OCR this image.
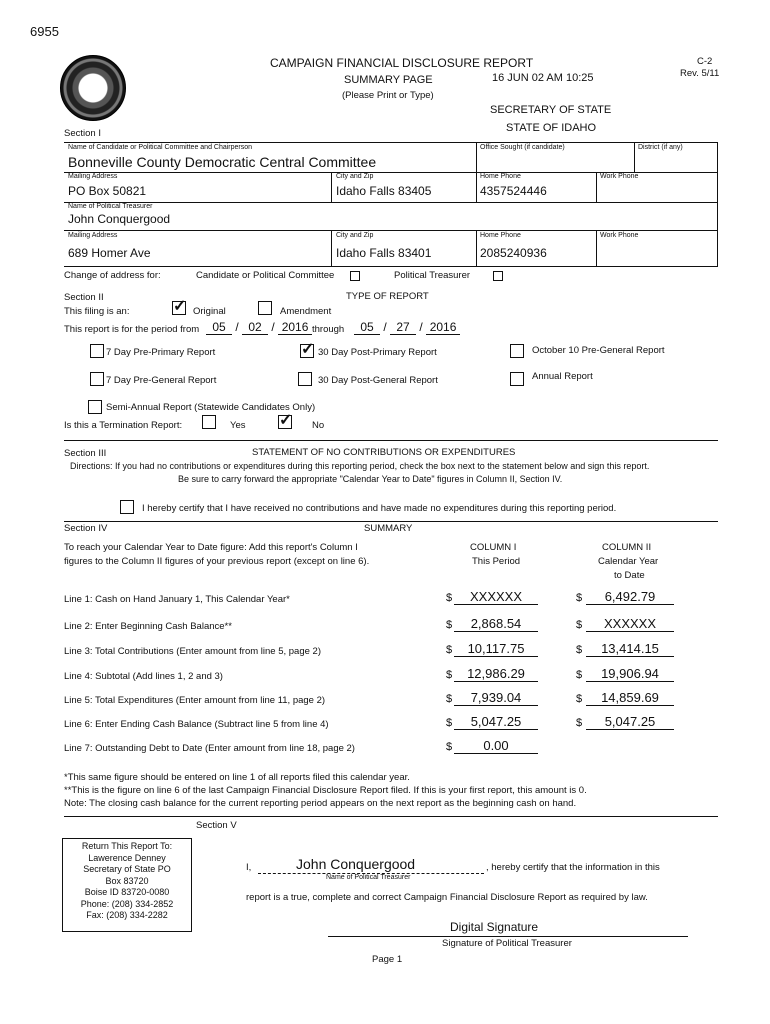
6955
CAMPAIGN FINANCIAL DISCLOSURE REPORT
SUMMARY PAGE
(Please Print or Type)
16 JUN 02 AM 10:25
SECRETARY OF STATE
STATE OF IDAHO
C-2
Rev. 5/11
Section I
Name of Candidate or Political Committee and Chairperson
Bonneville County Democratic Central Committee
Office Sought (if candidate)	District (if any)
Mailing Address
PO Box 50821
City and Zip
Idaho Falls 83405
Home Phone
4357524446
Work Phone
Name of Political Treasurer
John Conquergood
Mailing Address
689 Homer Ave
City and Zip
Idaho Falls 83401
Home Phone
2085240936
Work Phone
Change of address for:	Candidate or Political Committee	Political Treasurer
Section II	TYPE OF REPORT
This filing is an:	✓ Original	Amendment
This report is for the period from	05 / 02 / 2016 through	05 / 27 / 2016
7 Day Pre-Primary Report	✓ 30 Day Post-Primary Report	October 10 Pre-General Report
7 Day Pre-General Report	30 Day Post-General Report	Annual Report
Semi-Annual Report (Statewide Candidates Only)
Is this a Termination Report:	Yes ✓ No
Section III	STATEMENT OF NO CONTRIBUTIONS OR EXPENDITURES
Directions: If you had no contributions or expenditures during this reporting period, check the box next to the statement below and sign this report.
Be sure to carry forward the appropriate "Calendar Year to Date" figures in Column II, Section IV.
I hereby certify that I have received no contributions and have made no expenditures during this reporting period.
Section IV	SUMMARY
To reach your Calendar Year to Date figure: Add this report's Column I
figures to the Column II figures of your previous report (except on line 6).
COLUMN I
This Period
COLUMN II
Calendar Year
to Date
Line 1: Cash on Hand January 1, This Calendar Year*	$	XXXXXX	$	6,492.79
Line 2: Enter Beginning Cash Balance**	$	2,868.54	$	XXXXXX
Line 3: Total Contributions (Enter amount from line 5, page 2)	$	10,117.75	$	13,414.15
Line 4: Subtotal (Add lines 1, 2 and 3)	$	12,986.29	$	19,906.94
Line 5: Total Expenditures (Enter amount from line 11, page 2)	$	7,939.04	$	14,859.69
Line 6: Enter Ending Cash Balance (Subtract line 5 from line 4)	$	5,047.25	$	5,047.25
Line 7: Outstanding Debt to Date (Enter amount from line 18, page 2)	$	0.00
*This same figure should be entered on line 1 of all reports filed this calendar year.
**This is the figure on line 6 of the last Campaign Financial Disclosure Report filed. If this is your first report, this amount is 0.
Note: The closing cash balance for the current reporting period appears on the next report as the beginning cash on hand.
Section V
Return This Report To:
Lawerence Denney
Secretary of State PO
Box 83720
Boise ID 83720-0080
Phone: (208) 334-2852
Fax: (208) 334-2282
I,	John Conquergood	, hereby certify that the information in this
Name of Political Treasurer
report is a true, complete and correct Campaign Financial Disclosure Report as required by law.
Digital Signature
Signature of Political Treasurer
Page 1
